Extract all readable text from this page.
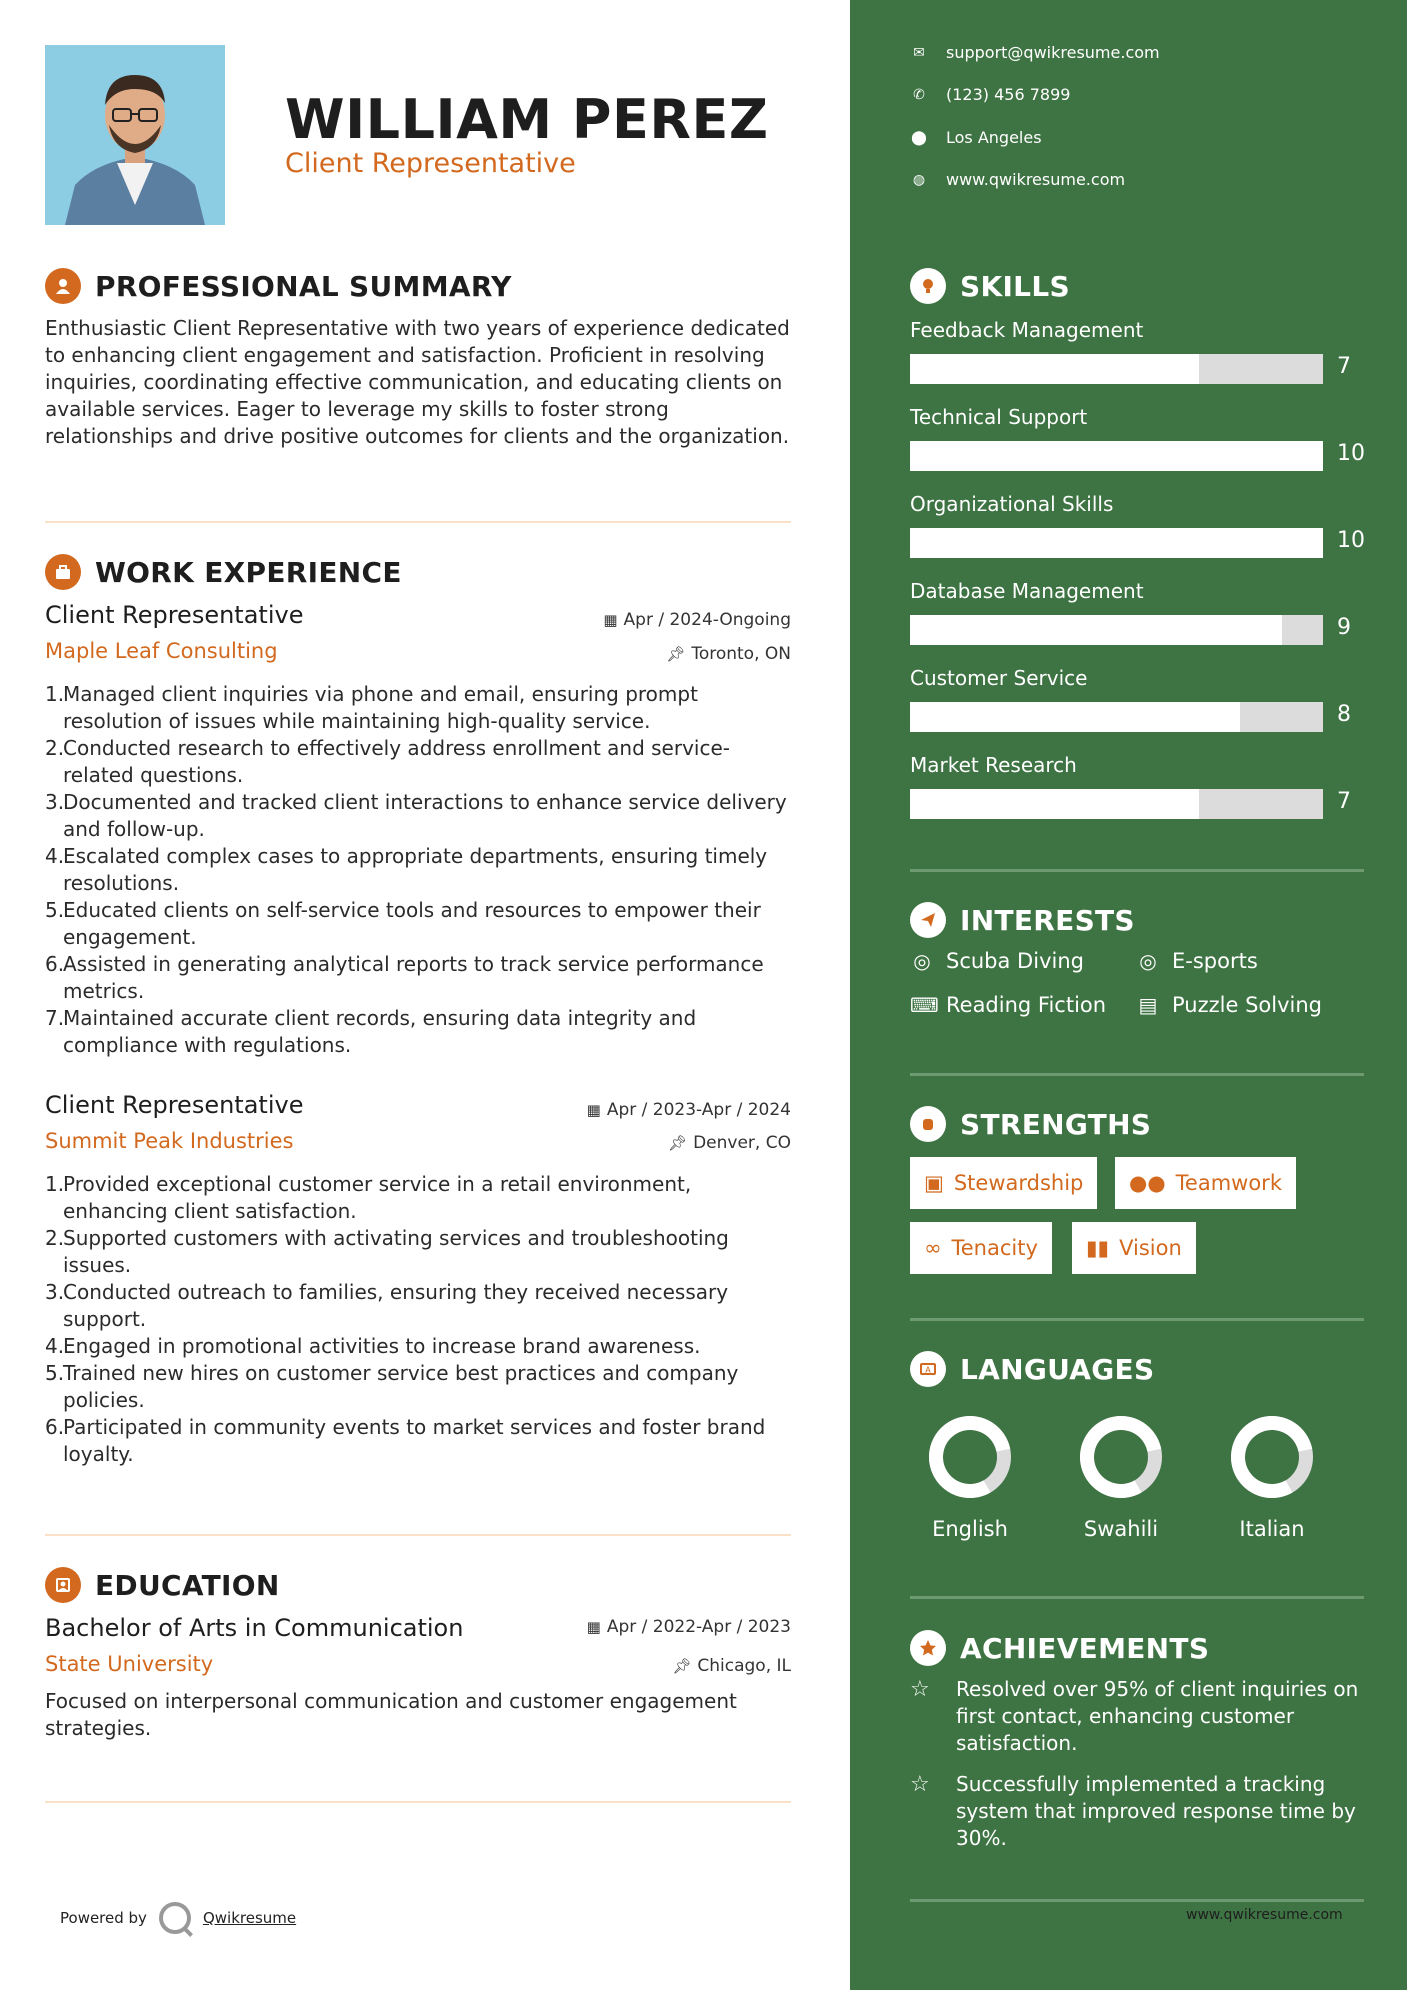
WILLIAM PEREZ
Client Representative
PROFESSIONAL SUMMARY
Enthusiastic Client Representative with two years of experience dedicated to enhancing client engagement and satisfaction. Proficient in resolving inquiries, coordinating effective communication, and educating clients on available services. Eager to leverage my skills to foster strong relationships and drive positive outcomes for clients and the organization.
WORK EXPERIENCE
Client Representative	▦ Apr / 2024-Ongoing
Maple Leaf Consulting	📌︎ Toronto, ON
1.
Managed client inquiries via phone and email, ensuring prompt resolution of issues while maintaining high-quality service.
2.
Conducted research to effectively address enrollment and service-related questions.
3.
Documented and tracked client interactions to enhance service delivery and follow-up.
4.
Escalated complex cases to appropriate departments, ensuring timely resolutions.
5.
Educated clients on self-service tools and resources to empower their engagement.
6.
Assisted in generating analytical reports to track service performance metrics.
7.
Maintained accurate client records, ensuring data integrity and compliance with regulations.
Client Representative	▦ Apr / 2023-Apr / 2024
Summit Peak Industries	📌︎ Denver, CO
1.
Provided exceptional customer service in a retail environment, enhancing client satisfaction.
2.
Supported customers with activating services and troubleshooting issues.
3.
Conducted outreach to families, ensuring they received necessary support.
4.
Engaged in promotional activities to increase brand awareness.
5.
Trained new hires on customer service best practices and company policies.
6.
Participated in community events to market services and foster brand loyalty.
EDUCATION
Bachelor of Arts in Communication	▦ Apr / 2022-Apr / 2023
State University	📌︎ Chicago, IL
Focused on interpersonal communication and customer engagement strategies.
Powered by	Qwikresume
✉ support@qwikresume.com
✆ (123) 456 7899
⬤ Los Angeles
◍ www.qwikresume.com
SKILLS
Feedback Management
7
Technical Support
10
Organizational Skills
10
Database Management
9
Customer Service
8
Market Research
7
INTERESTS
◎ Scuba Diving	◎ E-sports
⌨ Reading Fiction ▤ Puzzle Solving
STRENGTHS
▣ Stewardship ●● Teamwork
∞ Tenacity ▮▮ Vision
A LANGUAGES
English	Swahili	Italian
ACHIEVEMENTS
☆	Resolved over 95% of client inquiries on first contact, enhancing customer satisfaction.
☆	Successfully implemented a tracking system that improved response time by 30%.
www.qwikresume.com
